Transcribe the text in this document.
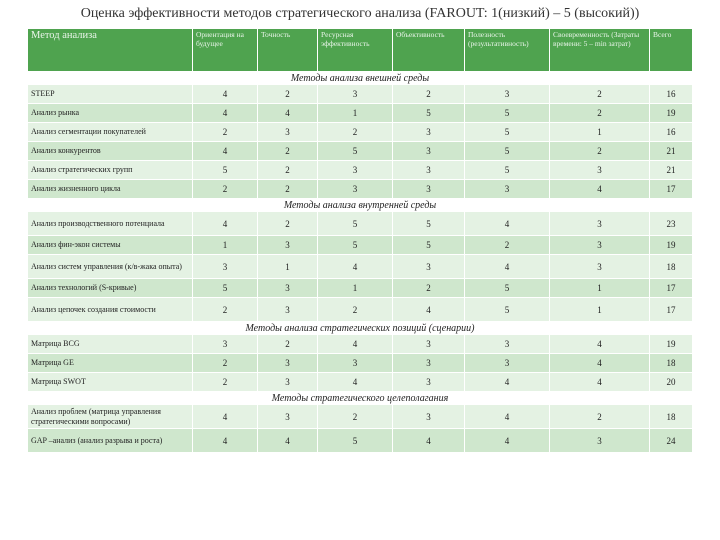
Оценка эффективности методов стратегического анализа (FAROUT: 1(низкий) – 5 (высокий))
Метод анализа	Ориентация на будущее	Точность	Ресурсная эффективность	Объективность	Полезность (результативность)	Своевременность (Затраты времени: 5 – min затрат)	Всего
Методы анализа внешней среды							
STEEP	4	2	3	2	3	2	16
Анализ рынка	4	4	1	5	5	2	19
Анализ сегментации покупателей	2	3	2	3	5	1	16
Анализ конкурентов	4	2	5	3	5	2	21
Анализ стратегических групп	5	2	3	3	5	3	21
Анализ жизненного цикла	2	2	3	3	3	4	17
Методы анализа внутренней среды							
Анализ производственного потенциала	4	2	5	5	4	3	23
Анализ фин-экон системы	1	3	5	5	2	3	19
Анализ систем управления (к/в-жака опыта)	3	1	4	3	4	3	18
Анализ технологий (S-кривые)	5	3	1	2	5	1	17
Анализ цепочек создания стоимости	2	3	2	4	5	1	17
Методы анализа стратегических позиций (сценарии)							
Матрица BCG	3	2	4	3	3	4	19
Матрица GE	2	3	3	3	3	4	18
Матрица SWOT	2	3	4	3	4	4	20
Методы стратегического целеполагания							
Анализ проблем (матрица управления стратегическими вопросами)	4	3	2	3	4	2	18
GAP –анализ (анализ разрыва и роста)	4	4	5	4	4	3	24
